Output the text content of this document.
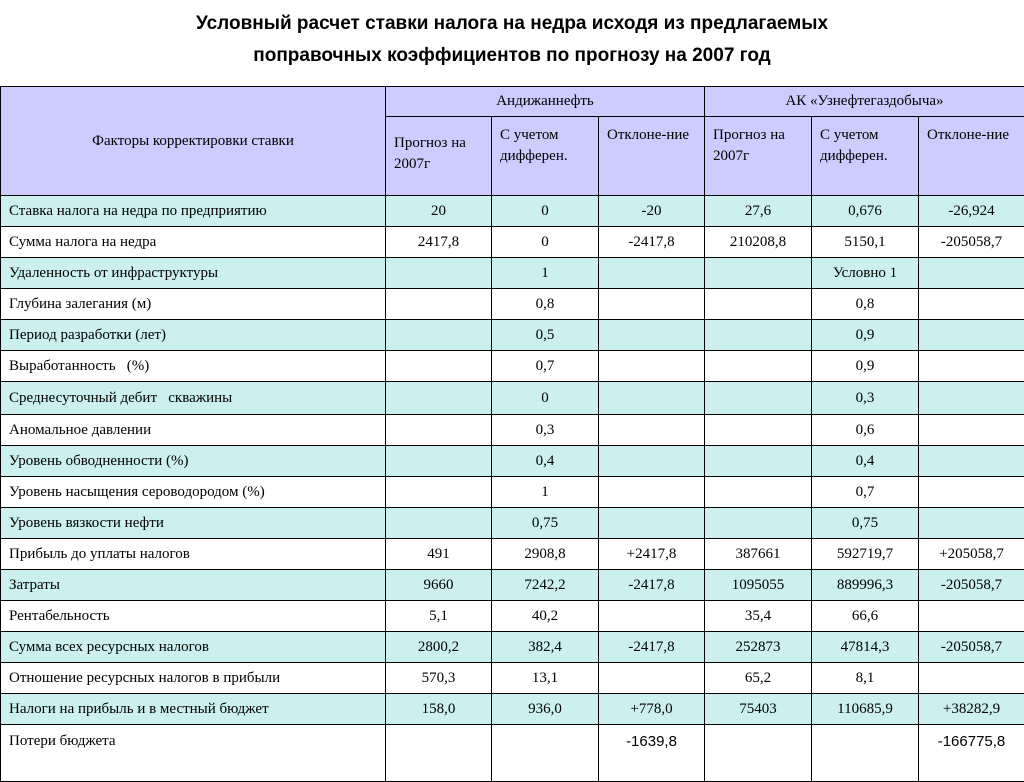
Условный расчет ставки налога на недра исходя из предлагаемых
поправочных коэффициентов по прогнозу на 2007 год
Факторы корректировки ставки	Андижаннефть			АК «Узнефтегаздобыча»		

	Прогноз на 2007г	С учетом дифферен.	Отклоне-ние	Прогноз на 2007г	С учетом дифферен.	Отклоне-ние
Ставка налога на недра по предприятию	20	0	-20	27,6	0,676	-26,924
Сумма налога на недра	2417,8	0	-2417,8	210208,8	5150,1	-205058,7
Удаленность от инфраструктуры		1			Условно 1	
Глубина залегания (м)		0,8			0,8	
Период разработки (лет)		0,5			0,9	
Выработанность   (%)		0,7			0,9	
Среднесуточный дебит   скважины		0			0,3	
Аномальное давлении		0,3			0,6	
Уровень обводненности (%)		0,4			0,4	
Уровень насыщения сероводородом (%)		1			0,7	
Уровень вязкости нефти		0,75			0,75	
Прибыль до уплаты налогов	491	2908,8	+2417,8	387661	592719,7	+205058,7
Затраты	9660	7242,2	-2417,8	1095055	889996,3	-205058,7
Рентабельность	5,1	40,2		35,4	66,6	
Сумма всех ресурсных налогов	2800,2	382,4	-2417,8	252873	47814,3	-205058,7
Отношение ресурсных налогов в прибыли	570,3	13,1		65,2	8,1	
Налоги на прибыль и в местный бюджет	158,0	936,0	+778,0	75403	110685,9	+38282,9
Потери бюджета			-1639,8			-166775,8
